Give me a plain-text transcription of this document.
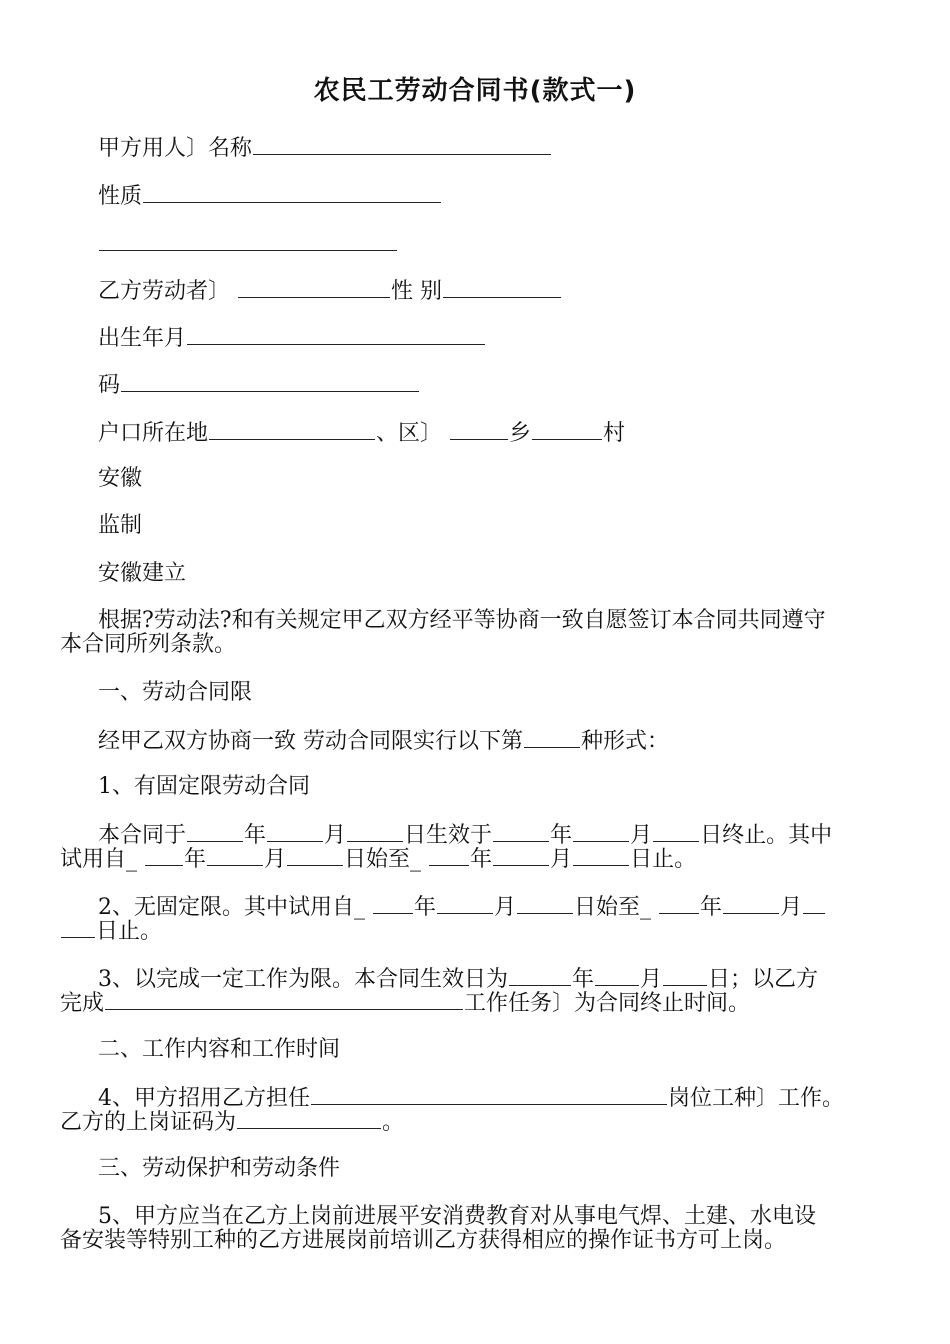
农民工劳动合同书(款式一)
甲方用人〕名称
性质
乙方劳动者〕	性 别
出生年月
码
户口所在地	、区〕	乡	村
安徽
监制
安徽建立
根据?劳动法?和有关规定甲乙双方经平等协商一致自愿签订本合同共同遵守
本合同所列条款。
一、劳动合同限
经甲乙双方协商一致 劳动合同限实行以下第	种形式：
1、有固定限劳动合同
本合同于	年	月	日生效于	年	月 日终止。其中
试用自_ 年	月	日始至_ 年	月	日止。
2、无固定限。其中试用自_ 年	月	日始至_ 年	月
日止。
3、以完成一定工作为限。本合同生效日为	年 月 日；以乙方
完成	工作任务〕为合同终止时间。
二、工作内容和工作时间
4、甲方招用乙方担任	岗位工种〕工作。
乙方的上岗证码为	。
三、劳动保护和劳动条件
5、甲方应当在乙方上岗前进展平安消费教育对从事电气焊、土建、水电设
备安装等特别工种的乙方进展岗前培训乙方获得相应的操作证书方可上岗。
